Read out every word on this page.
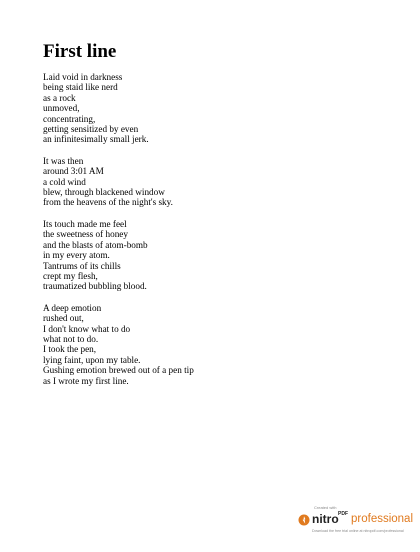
First line
Laid void in darkness
being staid like nerd
as a rock
unmoved,
concentrating,
getting sensitized by even
an infinitesimally small jerk.
It was then
around 3:01 AM
a cold wind
blew, through blackened window
from the heavens of the night's sky.
Its touch made me feel
the sweetness of honey
and the blasts of atom-bomb
in my every atom.
Tantrums of its chills
crept my flesh,
traumatized bubbling blood.
A deep emotion
rushed out,
I don't know what to do
what not to do.
I took the pen,
lying faint, upon my table.
Gushing emotion brewed out of a pen tip
as I wrote my first line.
Created with
nitro PDF professional
Download the free trial online at nitropdf.com/professional
